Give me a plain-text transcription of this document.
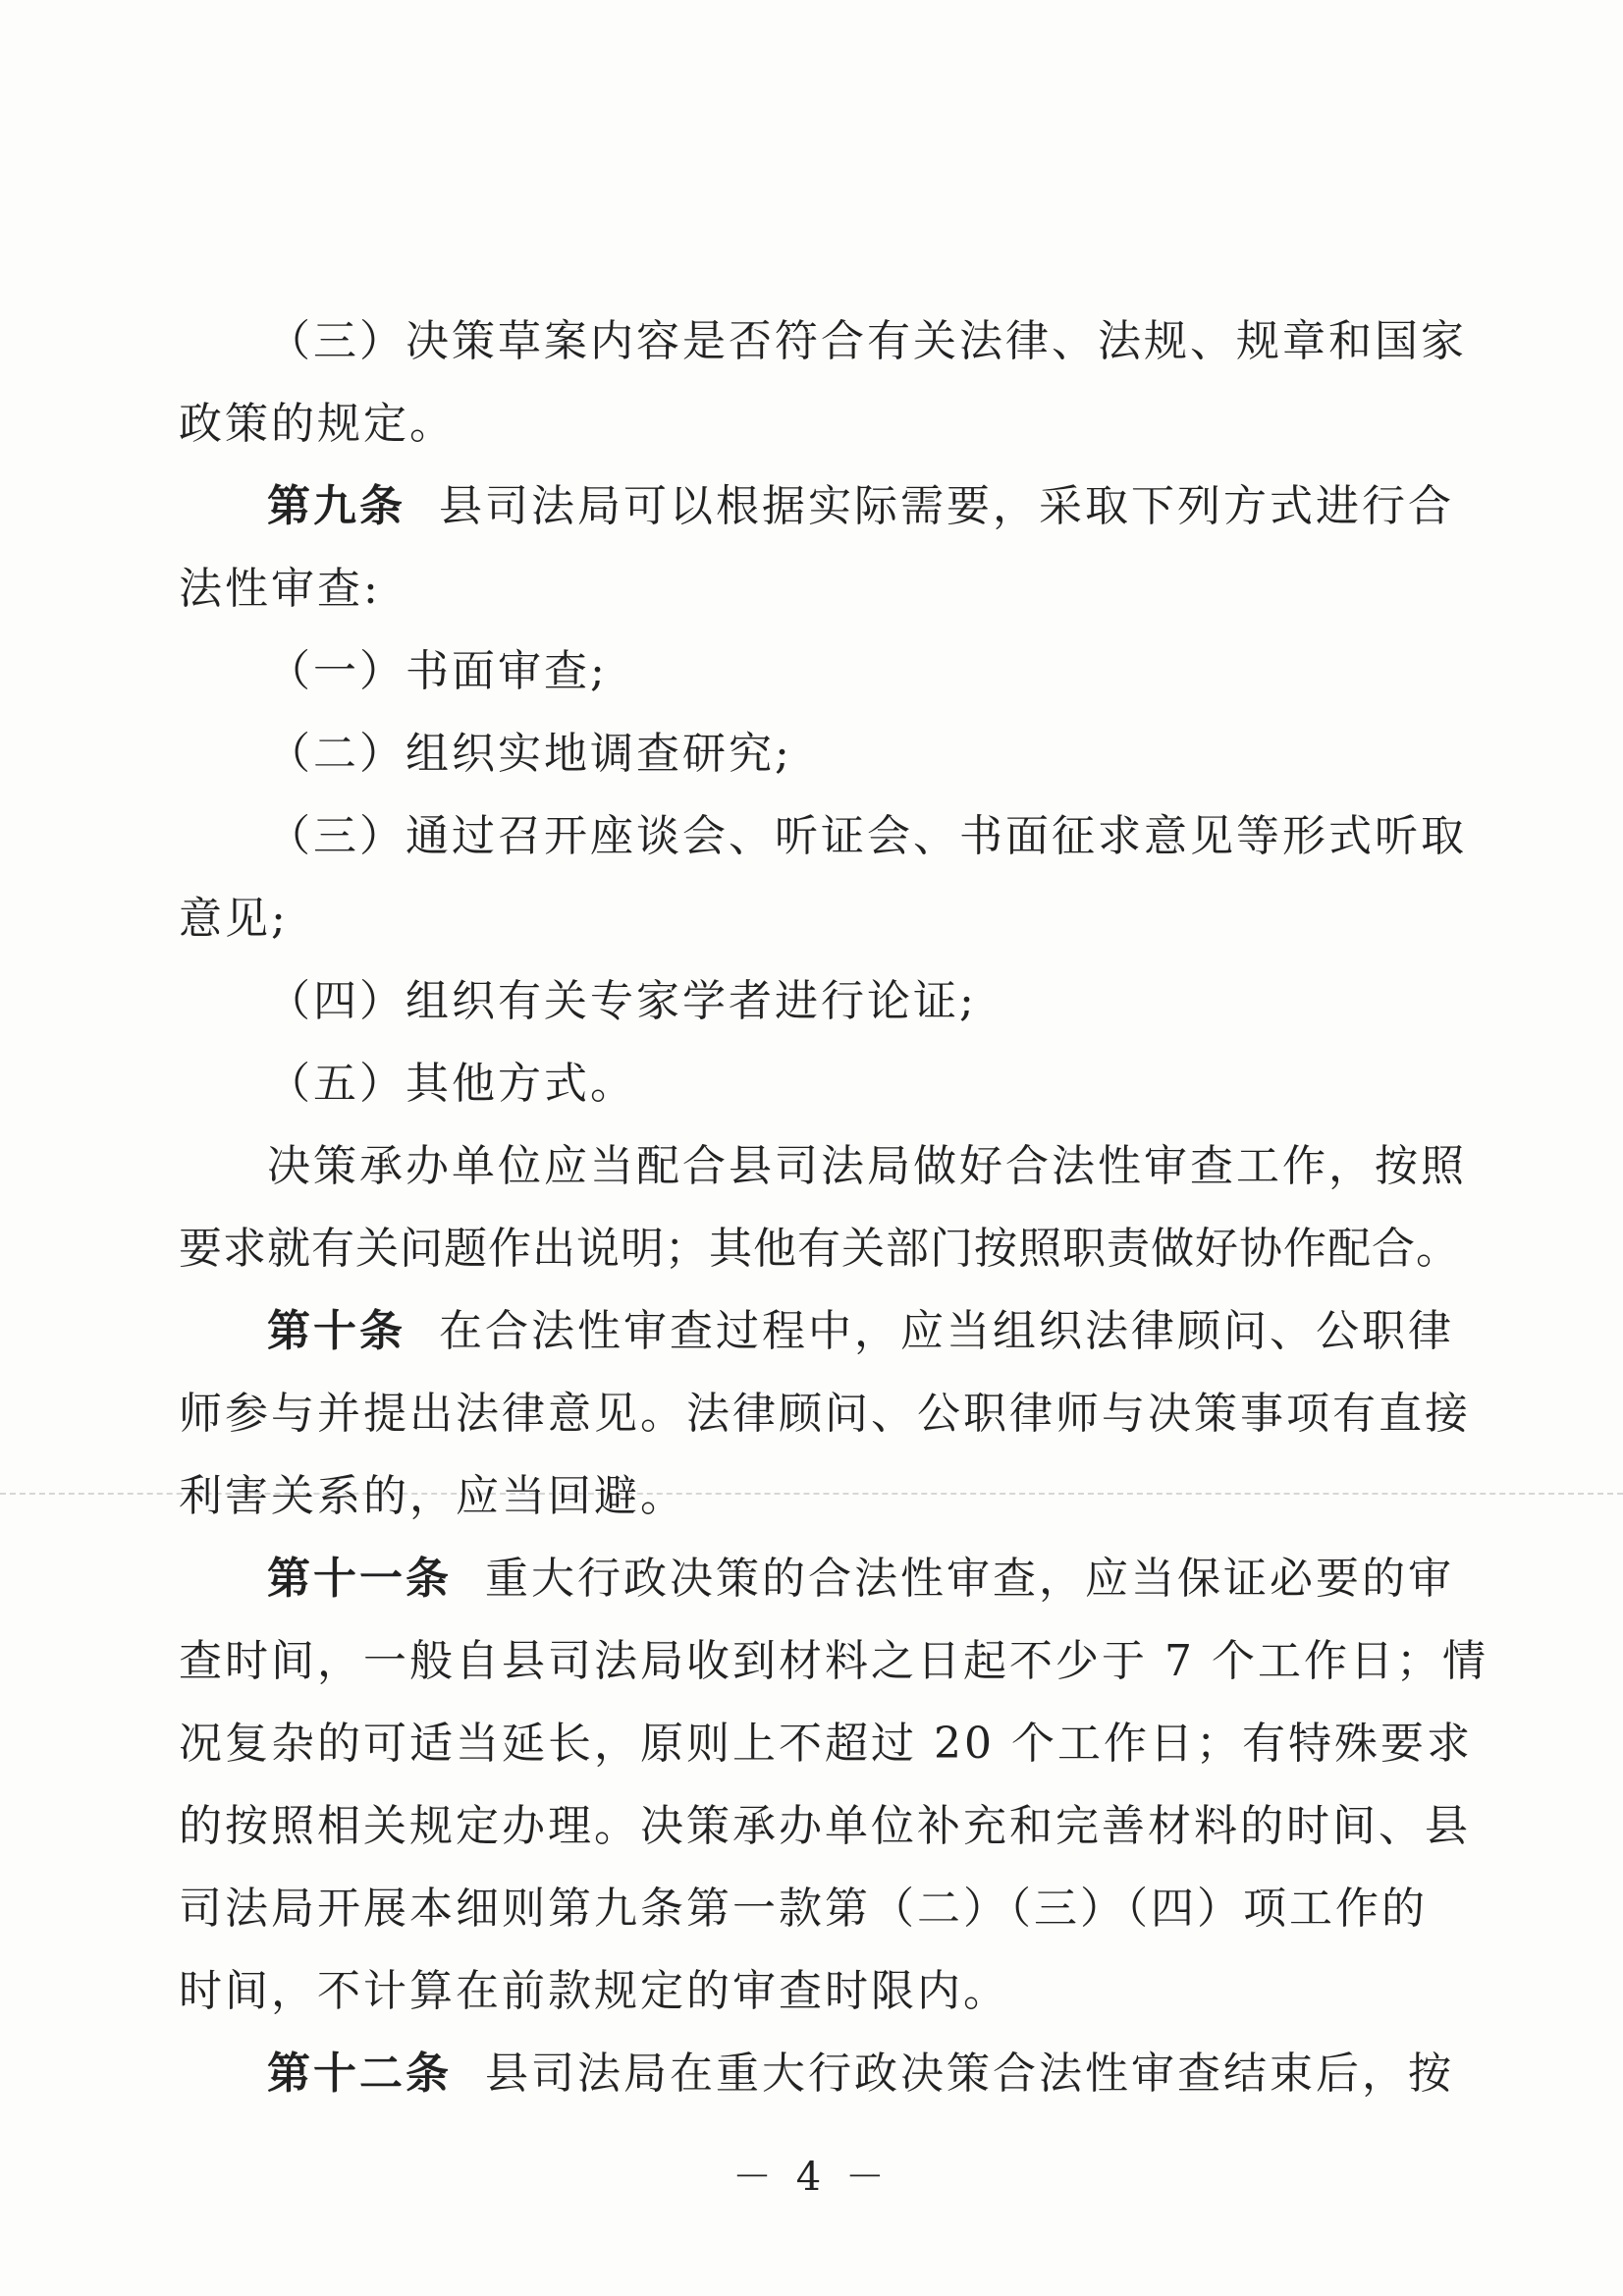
（三）决策草案内容是否符合有关法律、法规、规章和国家
政策的规定。
第九条 县司法局可以根据实际需要，采取下列方式进行合
法性审查:
（一）书面审查;
（二）组织实地调查研究;
（三）通过召开座谈会、听证会、书面征求意见等形式听取
意见;
（四）组织有关专家学者进行论证;
（五）其他方式。
决策承办单位应当配合县司法局做好合法性审查工作，按照
要求就有关问题作出说明；其他有关部门按照职责做好协作配合。
第十条 在合法性审查过程中，应当组织法律顾问、公职律
师参与并提出法律意见。法律顾问、公职律师与决策事项有直接
利害关系的，应当回避。
第十一条 重大行政决策的合法性审查，应当保证必要的审
查时间，一般自县司法局收到材料之日起不少于 7 个工作日；情
况复杂的可适当延长，原则上不超过 20 个工作日；有特殊要求
的按照相关规定办理。决策承办单位补充和完善材料的时间、县
司法局开展本细则第九条第一款第（二）（三）（四）项工作的
时间，不计算在前款规定的审查时限内。
第十二条 县司法局在重大行政决策合法性审查结束后，按
－ 4 －
